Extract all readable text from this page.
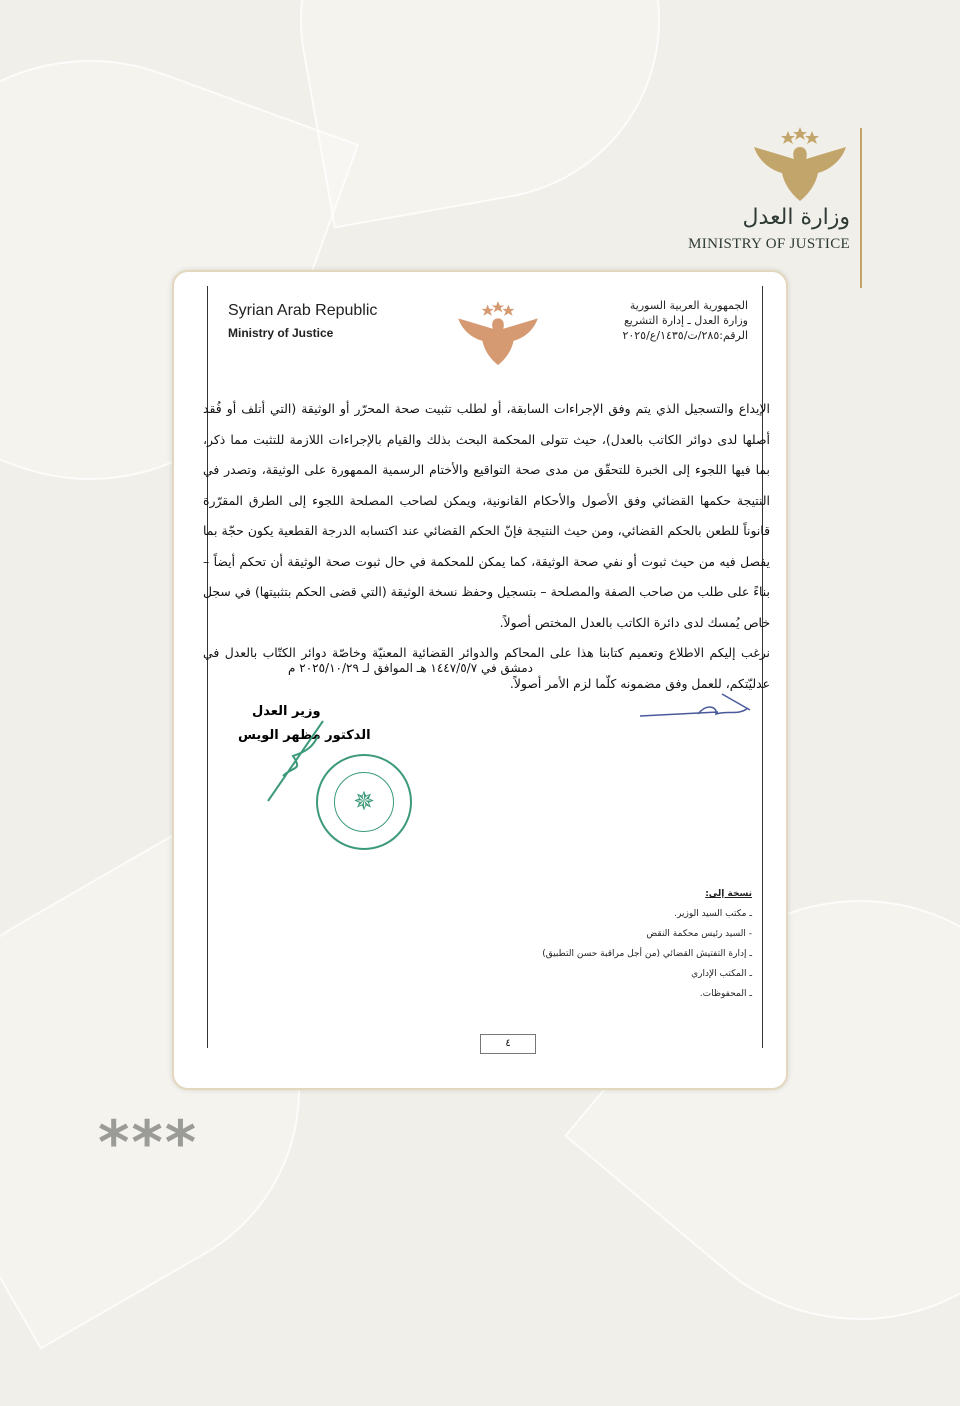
وزارة العدل
MINISTRY OF JUSTICE
Syrian Arab Republic
Ministry of Justice
الجمهورية العربية السورية
وزارة العدل ـ إدارة التشريع
الرقم:٢٨٥/ت/١٤٣٥/ع/٢٠٢٥

الإيداع والتسجيل الذي يتم وفق الإجراءات السابقة، أو لطلب تثبيت صحة المحرّر أو الوثيقة (التي أتلف أو فُقد أصلها لدى دوائر الكاتب بالعدل)، حيث تتولى المحكمة البحث بذلك والقيام بالإجراءات اللازمة للتثبت مما ذكر، بما فيها اللجوء إلى الخبرة للتحقّق من مدى صحة التواقيع والأختام الرسمية الممهورة على الوثيقة، وتصدر في النتيجة حكمها القضائي وفق الأصول والأحكام القانونية، ويمكن لصاحب المصلحة اللجوء إلى الطرق المقرّرة قانوناً للطعن بالحكم القضائي، ومن حيث النتيجة فإنّ الحكم القضائي عند اكتسابه الدرجة القطعية يكون حجّة بما يفصل فيه من حيث ثبوت أو نفي صحة الوثيقة، كما يمكن للمحكمة في حال ثبوت صحة الوثيقة أن تحكم أيضاً – بناءً على طلب من صاحب الصفة والمصلحة – بتسجيل وحفظ نسخة الوثيقة (التي قضى الحكم بتثبيتها) في سجل خاص يُمسك لدى دائرة الكاتب بالعدل المختص أصولاً.

نرغب إليكم الاطلاع وتعميم كتابنا هذا على المحاكم والدوائر القضائية المعنيّة وخاصّة دوائر الكتّاب بالعدل في عدليّتكم، للعمل وفق مضمونه كلّما لزم الأمر أصولاً.

دمشق في ١٤٤٧/٥/٧ هـ الموافق لـ ٢٠٢٥/١٠/٢٩ م
وزير العدل
الدكتور مظهر الويس
✵
نسخة إلى:
ـ مكتب السيد الوزير.
- السيد رئيس محكمة النقض
ـ إدارة التفتيش القضائي (من أجل مراقبة حسن التطبيق)
ـ المكتب الإداري
ـ المحفوظات.
٤
***
